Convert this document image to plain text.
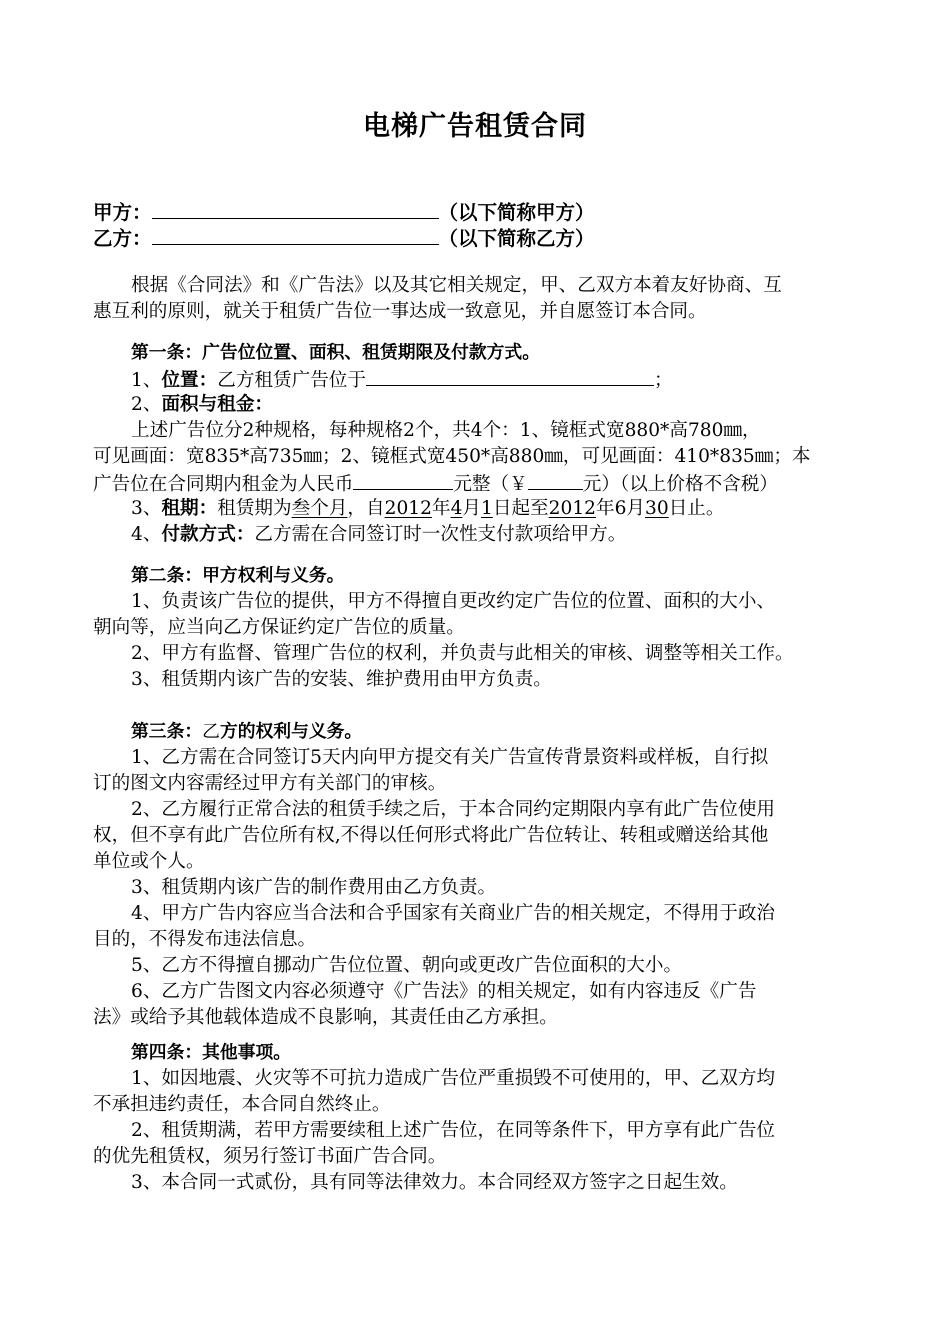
电梯广告租赁合同
甲方：	（以下简称甲方）
乙方：	（以下简称乙方）
根据《合同法》和《广告法》以及其它相关规定，甲、乙双方本着友好协商、互
惠互利的原则，就关于租赁广告位一事达成一致意见，并自愿签订本合同。
第一条：广告位位置、面积、租赁期限及付款方式。
1、位置：乙方租赁广告位于	；
2、面积与租金：
上述广告位分2种规格，每种规格2个，共4个：1、镜框式宽880*高780㎜，
可见画面：宽835*高735㎜；2、镜框式宽450*高880㎜，可见画面：410*835㎜；本
广告位在合同期内租金为人民币	元整（￥	元）（以上价格不含税）
3、租期：租赁期为叁个月，自2012年4月1日起至2012年6月30日止。
4、付款方式：乙方需在合同签订时一次性支付款项给甲方。
第二条：甲方权利与义务。
1、负责该广告位的提供，甲方不得擅自更改约定广告位的位置、面积的大小、
朝向等，应当向乙方保证约定广告位的质量。
2、甲方有监督、管理广告位的权利，并负责与此相关的审核、调整等相关工作。
3、租赁期内该广告的安装、维护费用由甲方负责。
第三条：乙方的权利与义务。
1、乙方需在合同签订5天内向甲方提交有关广告宣传背景资料或样板，自行拟
订的图文内容需经过甲方有关部门的审核。
2、乙方履行正常合法的租赁手续之后，于本合同约定期限内享有此广告位使用
权，但不享有此广告位所有权,不得以任何形式将此广告位转让、转租或赠送给其他
单位或个人。
3、租赁期内该广告的制作费用由乙方负责。
4、甲方广告内容应当合法和合乎国家有关商业广告的相关规定，不得用于政治
目的，不得发布违法信息。
5、乙方不得擅自挪动广告位位置、朝向或更改广告位面积的大小。
6、乙方广告图文内容必须遵守《广告法》的相关规定，如有内容违反《广告
法》或给予其他载体造成不良影响，其责任由乙方承担。
第四条：其他事项。
1、如因地震、火灾等不可抗力造成广告位严重损毁不可使用的，甲、乙双方均
不承担违约责任，本合同自然终止。
2、租赁期满，若甲方需要续租上述广告位，在同等条件下，甲方享有此广告位
的优先租赁权，须另行签订书面广告合同。
3、本合同一式贰份，具有同等法律效力。本合同经双方签字之日起生效。
